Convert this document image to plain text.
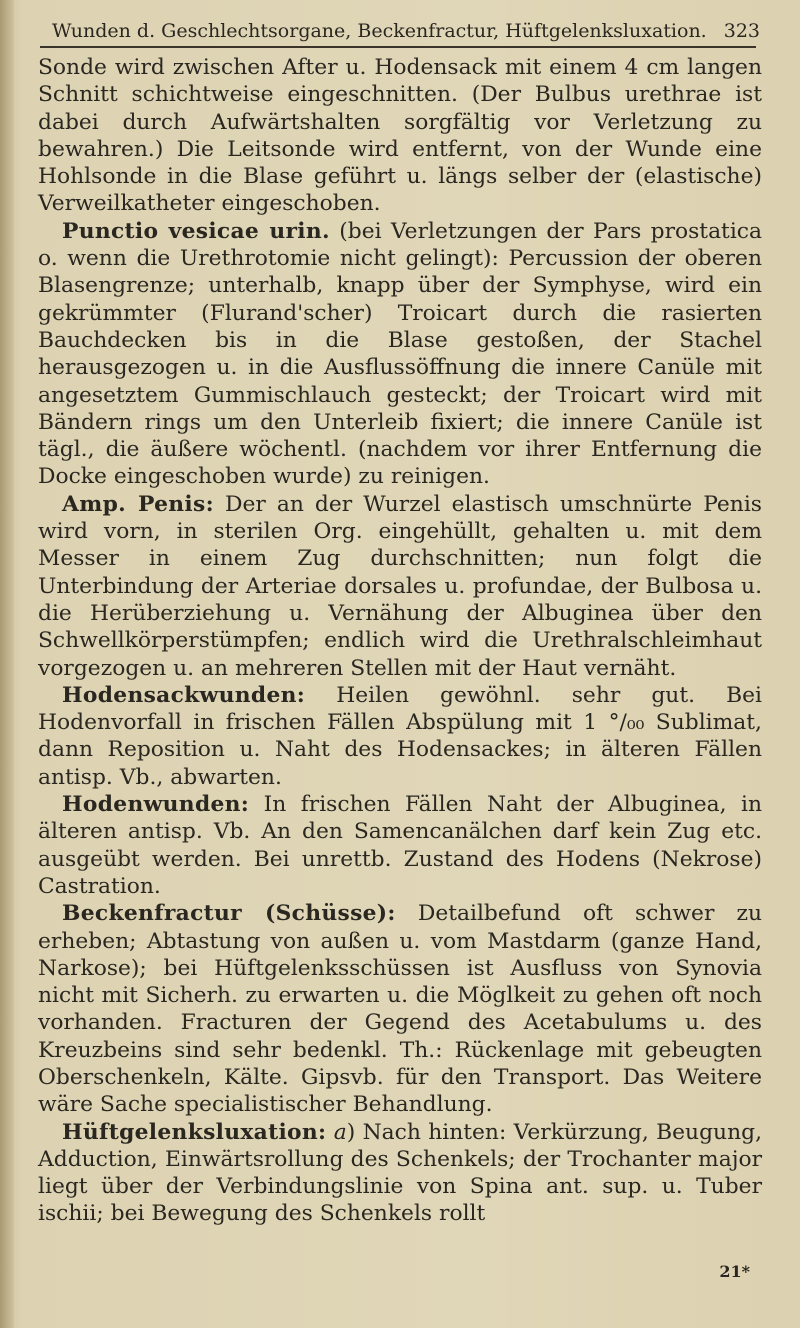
Wunden d. Geschlechtsorgane, Beckenfractur, Hüftgelenksluxation. 323

Sonde wird zwischen After u. Hodensack mit einem 4 cm langen Schnitt schichtweise eingeschnitten. (Der Bulbus urethrae ist dabei durch Aufwärtshalten sorgfältig vor Verletzung zu bewahren.) Die Leitsonde wird entfernt, von der Wunde eine Hohlsonde in die Blase geführt u. längs selber der (elastische) Verweilkatheter eingeschoben.

Punctio vesicae urin. (bei Verletzungen der Pars prostatica o. wenn die Urethrotomie nicht gelingt): Percussion der oberen Blasengrenze; unterhalb, knapp über der Symphyse, wird ein gekrümmter (Flurand'scher) Troicart durch die rasierten Bauchdecken bis in die Blase gestoßen, der Stachel herausgezogen u. in die Ausflussöffnung die innere Canüle mit angesetztem Gummischlauch gesteckt; der Troicart wird mit Bändern rings um den Unterleib fixiert; die innere Canüle ist tägl., die äußere wöchentl. (nachdem vor ihrer Entfernung die Docke eingeschoben wurde) zu reinigen.

Amp. Penis: Der an der Wurzel elastisch umschnürte Penis wird vorn, in sterilen Org. eingehüllt, gehalten u. mit dem Messer in einem Zug durchschnitten; nun folgt die Unterbindung der Arteriae dorsales u. profundae, der Bulbosa u. die Herüberziehung u. Vernähung der Albuginea über den Schwellkörperstümpfen; endlich wird die Urethralschleimhaut vorgezogen u. an mehreren Stellen mit der Haut vernäht.

Hodensackwunden: Heilen gewöhnl. sehr gut. Bei Hodenvorfall in frischen Fällen Abspülung mit 1 °/₀₀ Sublimat, dann Reposition u. Naht des Hodensackes; in älteren Fällen antisp. Vb., abwarten.

Hodenwunden: In frischen Fällen Naht der Albuginea, in älteren antisp. Vb. An den Samencanälchen darf kein Zug etc. ausgeübt werden. Bei unrettb. Zustand des Hodens (Nekrose) Castration.

Beckenfractur (Schüsse): Detailbefund oft schwer zu erheben; Abtastung von außen u. vom Mastdarm (ganze Hand, Narkose); bei Hüftgelenksschüssen ist Ausfluss von Synovia nicht mit Sicherh. zu erwarten u. die Möglkeit zu gehen oft noch vorhanden. Fracturen der Gegend des Acetabulums u. des Kreuzbeins sind sehr bedenkl. Th.: Rückenlage mit gebeugten Oberschenkeln, Kälte. Gipsvb. für den Transport. Das Weitere wäre Sache specialistischer Behandlung.

Hüftgelenksluxation: a) Nach hinten: Verkürzung, Beugung, Adduction, Einwärtsrollung des Schenkels; der Trochanter major liegt über der Verbindungslinie von Spina ant. sup. u. Tuber ischii; bei Bewegung des Schenkels rollt

21*
